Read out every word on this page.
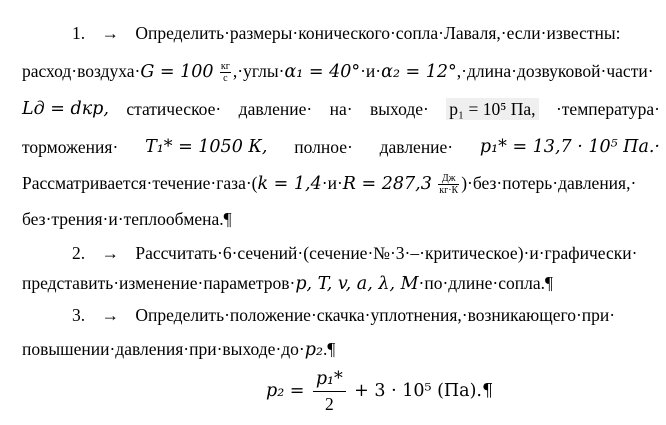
1. → Определить·размеры·конического·сопла·Лаваля,·если·известны:
расход·воздуха·G = $100 \frac{кг}{с}$ ,·углы·α₁ = 40°·и·α₂ = 12°,·длина·дозвуковой·части·
Lд = dкр, статическое· давление· на· выходе· p₁ = 10⁵ Па, ·температура·
торможения· T₁* = 1050 К, полное· давление· p₁* = 13,7 · 10⁵ Па.·
Рассматривается·течение·газа·(k = $1,4\cdot и\cdot R = 287,3 \frac{Дж}{кг\cdot К}$ )·без·потерь·давления,·
без·трения·и·теплообмена.¶
2. → Рассчитать·6·сечений·(сечение·№·3·–·критическое)·и·графически·
представить·изменение·параметров·p, T, v, a, λ, M·по·длине·сопла.¶
3. → Определить·положение·скачка·уплотнения,·возникающего·при·
повышении·давления·при·выходе·до·p₂.¶
$p_2 = \frac{\text{p₁*}}{2} + 3 \cdot 10^5$ (Па).¶
